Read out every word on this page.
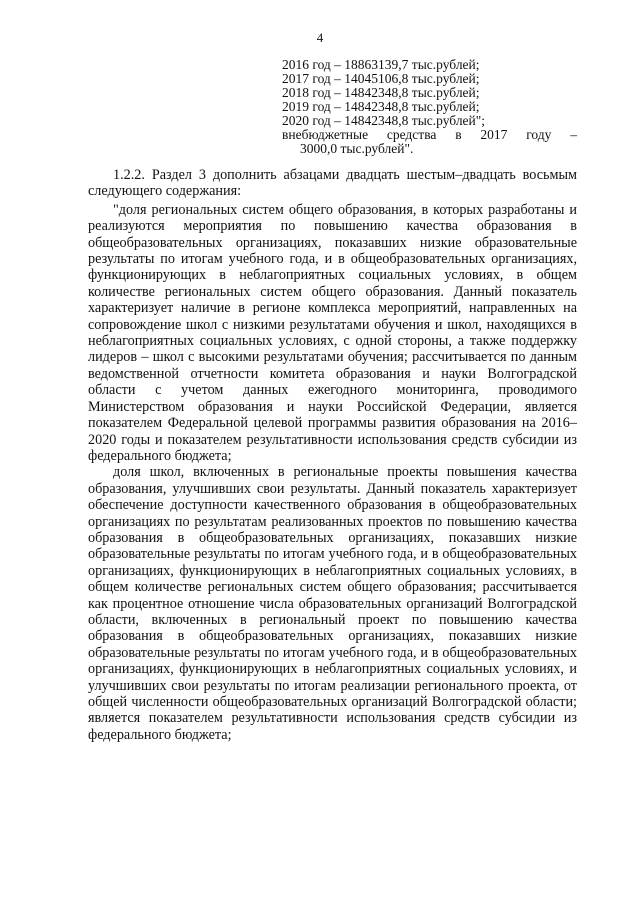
4
2016 год – 18863139,7 тыс.рублей;
2017 год – 14045106,8 тыс.рублей;
2018 год – 14842348,8 тыс.рублей;
2019 год – 14842348,8 тыс.рублей;
2020 год – 14842348,8 тыс.рублей";
внебюджетные средства в 2017 году –
3000,0 тыс.рублей".

1.2.2. Раздел 3 дополнить абзацами двадцать шестым–двадцать восьмым следующего содержания:

"доля региональных систем общего образования, в которых разработаны и реализуются мероприятия по повышению качества образования в общеобразовательных организациях, показавших низкие образовательные результаты по итогам учебного года, и в общеобразовательных организациях, функционирующих в неблагоприятных социальных условиях, в общем количестве региональных систем общего образования. Данный показатель характеризует наличие в регионе комплекса мероприятий, направленных на сопровождение школ с низкими результатами обучения и школ, находящихся в неблагоприятных социальных условиях, с одной стороны, а также поддержку лидеров – школ с высокими результатами обучения; рассчитывается по данным ведомственной отчетности комитета образования и науки Волгоградской области с учетом данных ежегодного мониторинга, проводимого Министерством образования и науки Российской Федерации, является показателем Федеральной целевой программы развития образования на 2016–2020 годы и показателем результативности использования средств субсидии из федерального бюджета;

доля школ, включенных в региональные проекты повышения качества образования, улучшивших свои результаты. Данный показатель характеризует обеспечение доступности качественного образования в общеобразовательных организациях по результатам реализованных проектов по повышению качества образования в общеобразовательных организациях, показавших низкие образовательные результаты по итогам учебного года, и в общеобразовательных организациях, функционирующих в неблагоприятных социальных условиях, в общем количестве региональных систем общего образования; рассчитывается как процентное отношение числа образовательных организаций Волгоградской области, включенных в региональный проект по повышению качества образования в общеобразовательных организациях, показавших низкие образовательные результаты по итогам учебного года, и в общеобразовательных организациях, функционирующих в неблагоприятных социальных условиях, и улучшивших свои результаты по итогам реализации регионального проекта, от общей численности общеобразовательных организаций Волгоградской области; является показателем результативности использования средств субсидии из федерального бюджета;
